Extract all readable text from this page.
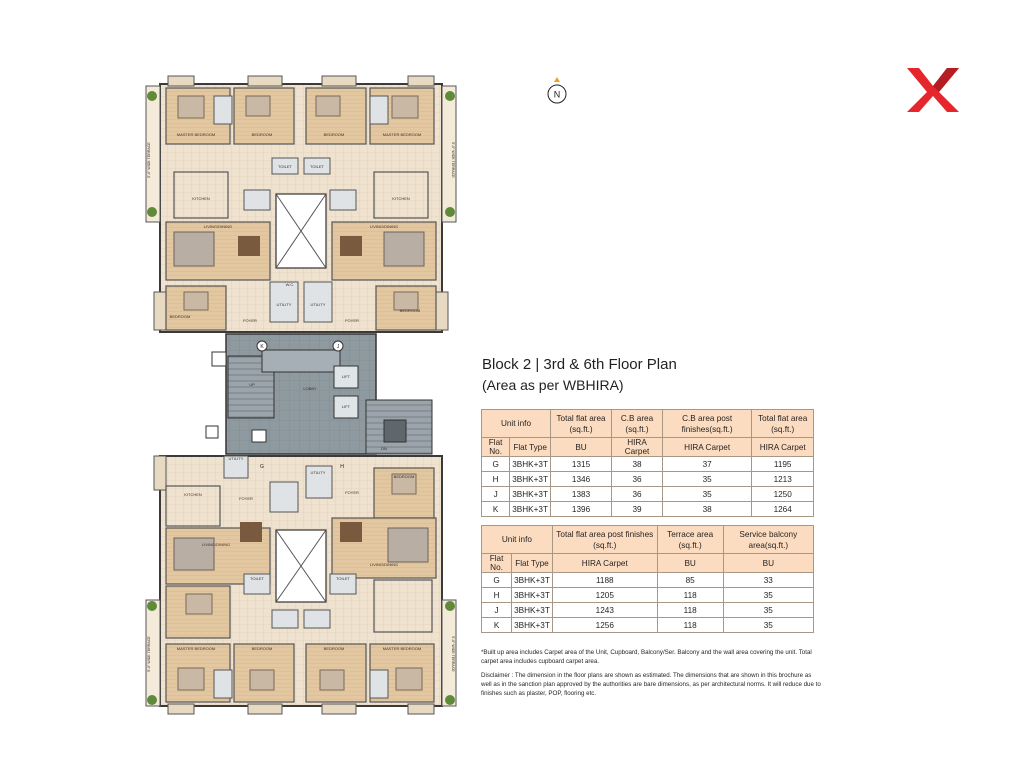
MASTER BEDROOM	BEDROOM	BEDROOM	MASTER BEDROOM
TOILET	TOILET
KITCHEN	KITCHEN
LIVING/DINING	LIVING/DINING
BEDROOM
BEDROOM
UTILITY	UTILITY
FOYER	FOYER
W.C.
LOBBY
LIFT
LIFT
UP
DN
KITCHEN
BEDROOM
LIVING/DINING
LIVING/DINING
FOYER
FOYER
UTILITY
UTILITY
TOILET	TOILET
MASTER BEDROOM	BEDROOM	BEDROOM	MASTER BEDROOM
K	J
H
G
5'-0" WIDE TERRACE	5'-0" WIDE TERRACE
5'-0" WIDE TERRACE	5'-0" WIDE TERRACE
N
Block 2 | 3rd & 6th Floor Plan
(Area as per WBHIRA)
Unit info		Total flat area (sq.ft.)	C.B area (sq.ft.)	C.B area post finishes(sq.ft.)	Total flat area (sq.ft.)
Flat No.	Flat Type	BU	HIRA Carpet	HIRA Carpet	HIRA Carpet
G	3BHK+3T	1315	38	37	1195
H	3BHK+3T	1346	36	35	1213
J	3BHK+3T	1383	36	35	1250
K	3BHK+3T	1396	39	38	1264
Unit info		Total flat area post finishes (sq.ft.)	Terrace area (sq.ft.)	Service balcony area(sq.ft.)
Flat No.	Flat Type	HIRA Carpet	BU	BU
G	3BHK+3T	1188	85	33
H	3BHK+3T	1205	118	35
J	3BHK+3T	1243	118	35
K	3BHK+3T	1256	118	35
*Built up area includes Carpet area of the Unit, Cupboard, Balcony/Ser. Balcony and the wall area covering the unit. Total carpet area includes cupboard carpet area.
Disclaimer : The dimension in the floor plans are shown as estimated. The dimensions that are shown in this brochure as well as in the sanction plan approved by the authorities are bare dimensions, as per architectural norms. It will reduce due to finishes such as plaster, POP, flooring etc.
